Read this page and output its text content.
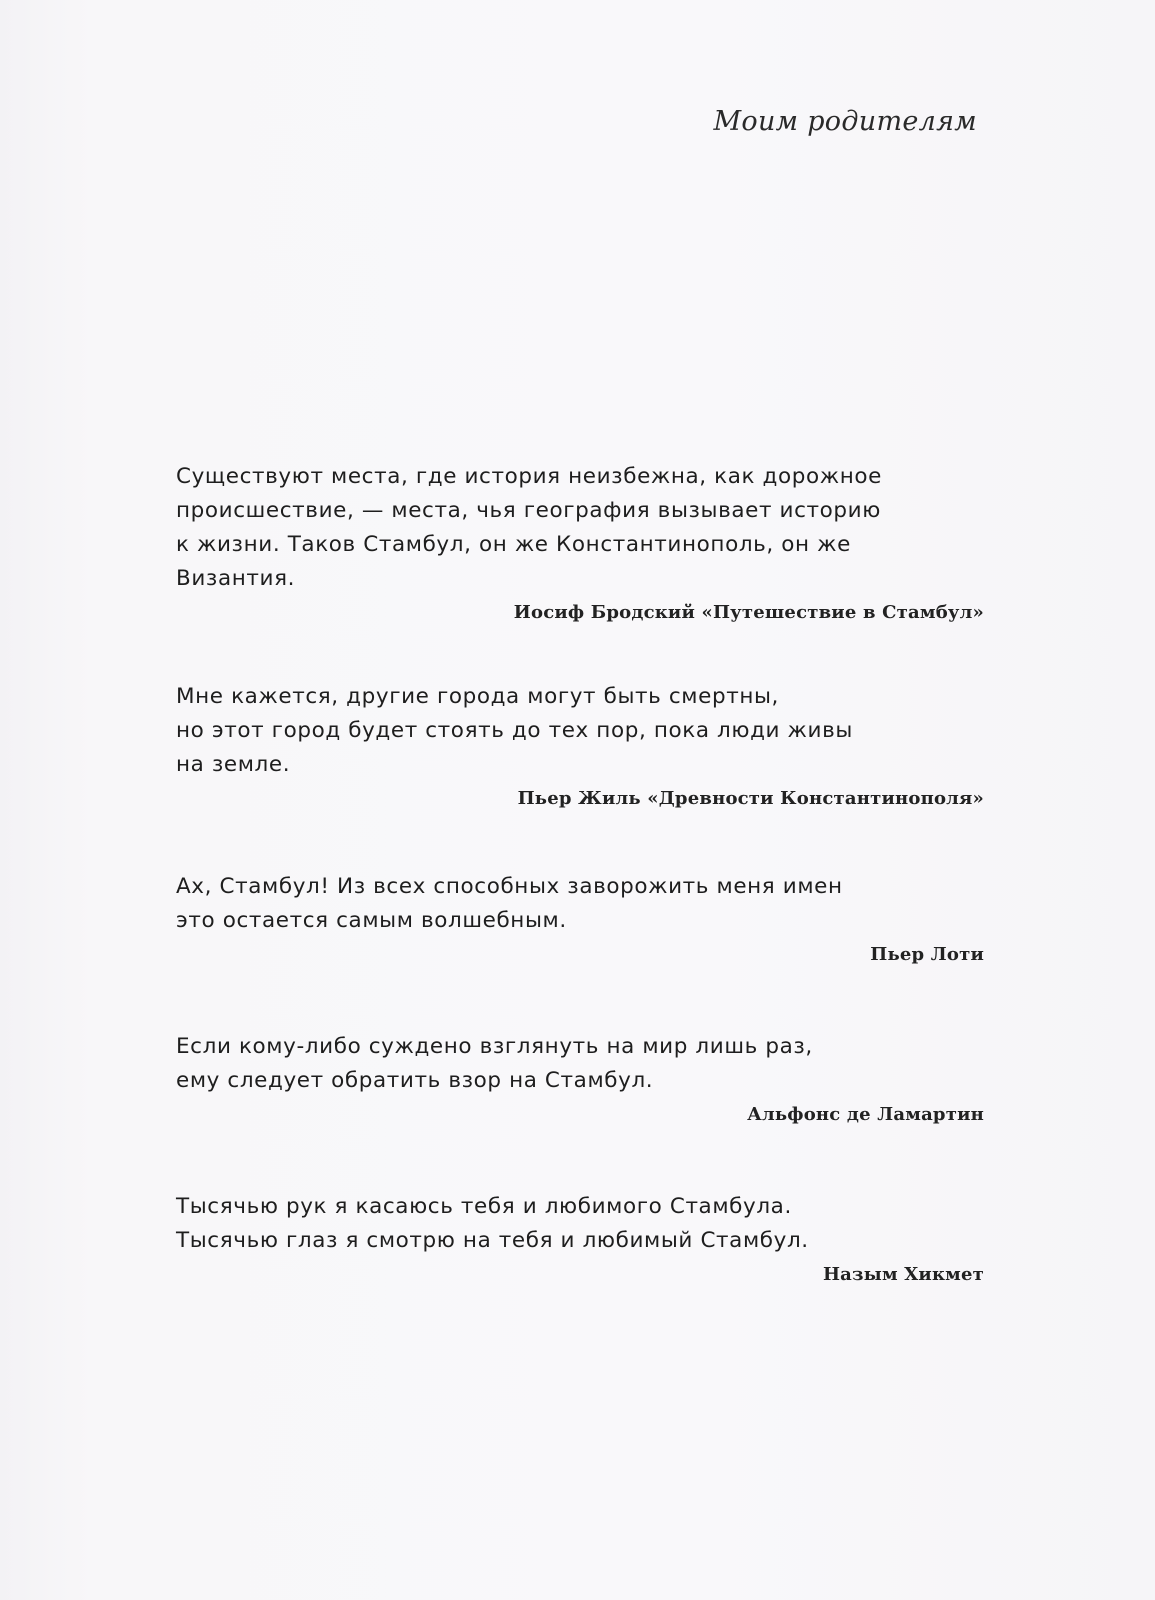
Моим родителям

Существуют места, где история неизбежна, как дорожное
происшествие, — места, чья география вызывает историю
к жизни. Таков Стамбул, он же Константинополь, он же
Византия.

Иосиф Бродский «Путешествие в Стамбул»

Мне кажется, другие города могут быть смертны,
но этот город будет стоять до тех пор, пока люди живы
на земле.

Пьер Жиль «Древности Константинополя»

Ах, Стамбул! Из всех способных заворожить меня имен
это остается самым волшебным.

Пьер Лоти

Если кому-либо суждено взглянуть на мир лишь раз,
ему следует обратить взор на Стамбул.

Альфонс де Ламартин

Тысячью рук я касаюсь тебя и любимого Стамбула.
Тысячью глаз я смотрю на тебя и любимый Стамбул.

Назым Хикмет
